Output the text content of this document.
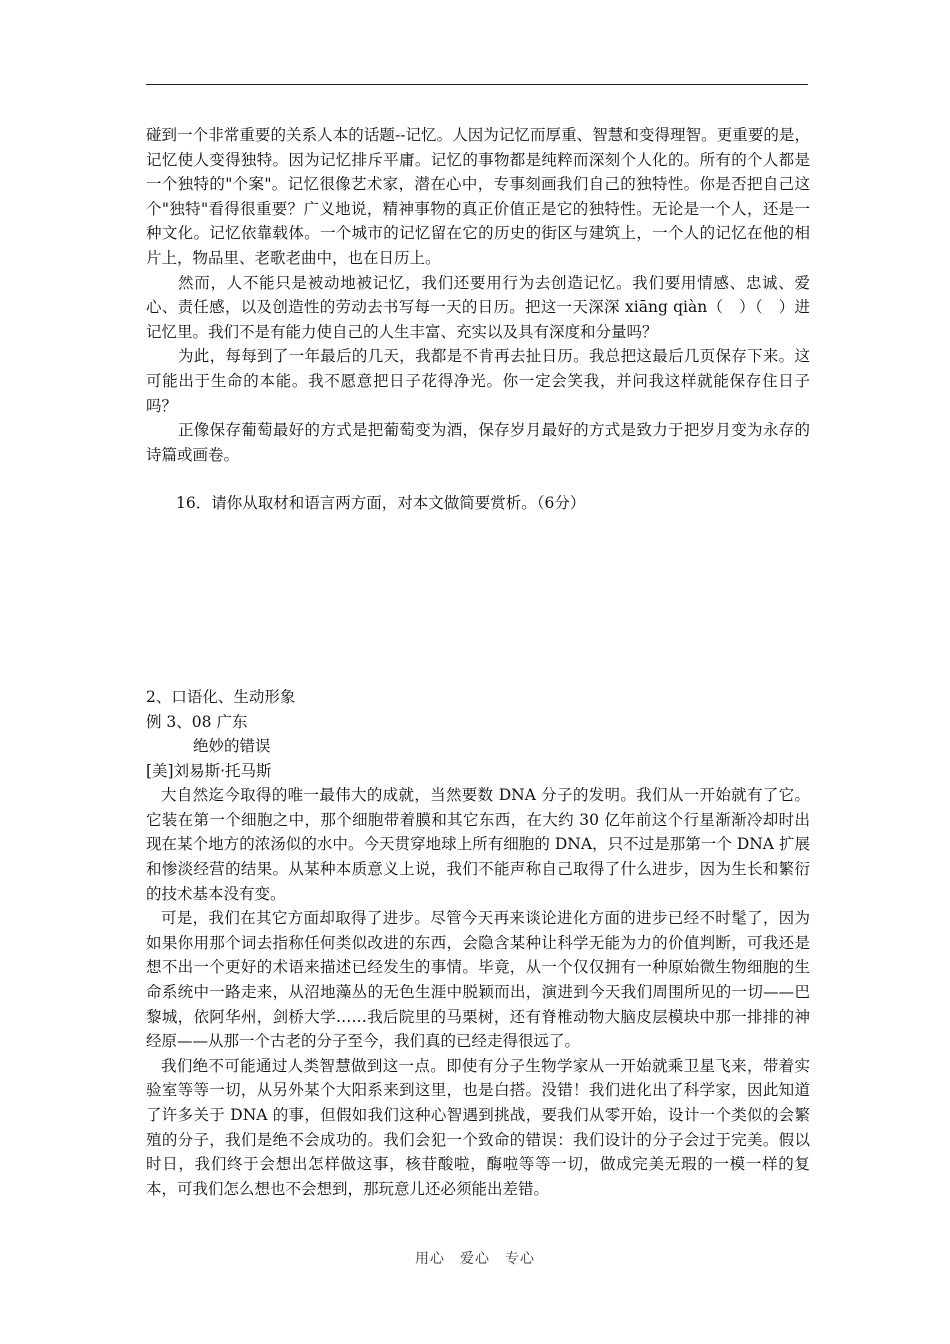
碰到一个非常重要的关系人本的话题--记忆。人因为记忆而厚重、智慧和变得理智。更重要的是，记忆使人变得独特。因为记忆排斥平庸。记忆的事物都是纯粹而深刻个人化的。所有的个人都是一个独特的"个案"。记忆很像艺术家，潜在心中，专事刻画我们自己的独特性。你是否把自己这个"独特"看得很重要？广义地说，精神事物的真正价值正是它的独特性。无论是一个人，还是一种文化。记忆依靠载体。一个城市的记忆留在它的历史的街区与建筑上，一个人的记忆在他的相片上，物品里、老歌老曲中，也在日历上。

然而，人不能只是被动地被记忆，我们还要用行为去创造记忆。我们要用情感、忠诚、爱心、责任感，以及创造性的劳动去书写每一天的日历。把这一天深深 xiāng qiàn（　）（　）进记忆里。我们不是有能力使自己的人生丰富、充实以及具有深度和分量吗？

为此，每每到了一年最后的几天，我都是不肯再去扯日历。我总把这最后几页保存下来。这可能出于生命的本能。我不愿意把日子花得净光。你一定会笑我，并问我这样就能保存住日子吗？

正像保存葡萄最好的方式是把葡萄变为酒，保存岁月最好的方式是致力于把岁月变为永存的诗篇或画卷。

16．请你从取材和语言两方面，对本文做简要赏析。（6分）

2、口语化、生动形象

例 3、08 广东

绝妙的错误

[美]刘易斯·托马斯

大自然迄今取得的唯一最伟大的成就，当然要数 DNA 分子的发明。我们从一开始就有了它。它装在第一个细胞之中，那个细胞带着膜和其它东西，在大约 30 亿年前这个行星渐渐冷却时出现在某个地方的浓汤似的水中。今天贯穿地球上所有细胞的 DNA，只不过是那第一个 DNA 扩展和惨淡经营的结果。从某种本质意义上说，我们不能声称自己取得了什么进步，因为生长和繁衍的技术基本没有变。

可是，我们在其它方面却取得了进步。尽管今天再来谈论进化方面的进步已经不时髦了，因为如果你用那个词去指称任何类似改进的东西，会隐含某种让科学无能为力的价值判断，可我还是想不出一个更好的术语来描述已经发生的事情。毕竟，从一个仅仅拥有一种原始微生物细胞的生命系统中一路走来，从沼地藻丛的无色生涯中脱颖而出，演进到今天我们周围所见的一切——巴黎城，依阿华州，剑桥大学……我后院里的马栗树，还有脊椎动物大脑皮层模块中那一排排的神经原——从那一个古老的分子至今，我们真的已经走得很远了。

我们绝不可能通过人类智慧做到这一点。即使有分子生物学家从一开始就乘卫星飞来，带着实验室等等一切，从另外某个大阳系来到这里，也是白搭。没错！我们进化出了科学家，因此知道了许多关于 DNA 的事，但假如我们这种心智遇到挑战，要我们从零开始，设计一个类似的会繁殖的分子，我们是绝不会成功的。我们会犯一个致命的错误：我们设计的分子会过于完美。假以时日，我们终于会想出怎样做这事，核苷酸啦，酶啦等等一切，做成完美无瑕的一模一样的复本，可我们怎么想也不会想到，那玩意儿还必须能出差错。

用心　爱心　专心
